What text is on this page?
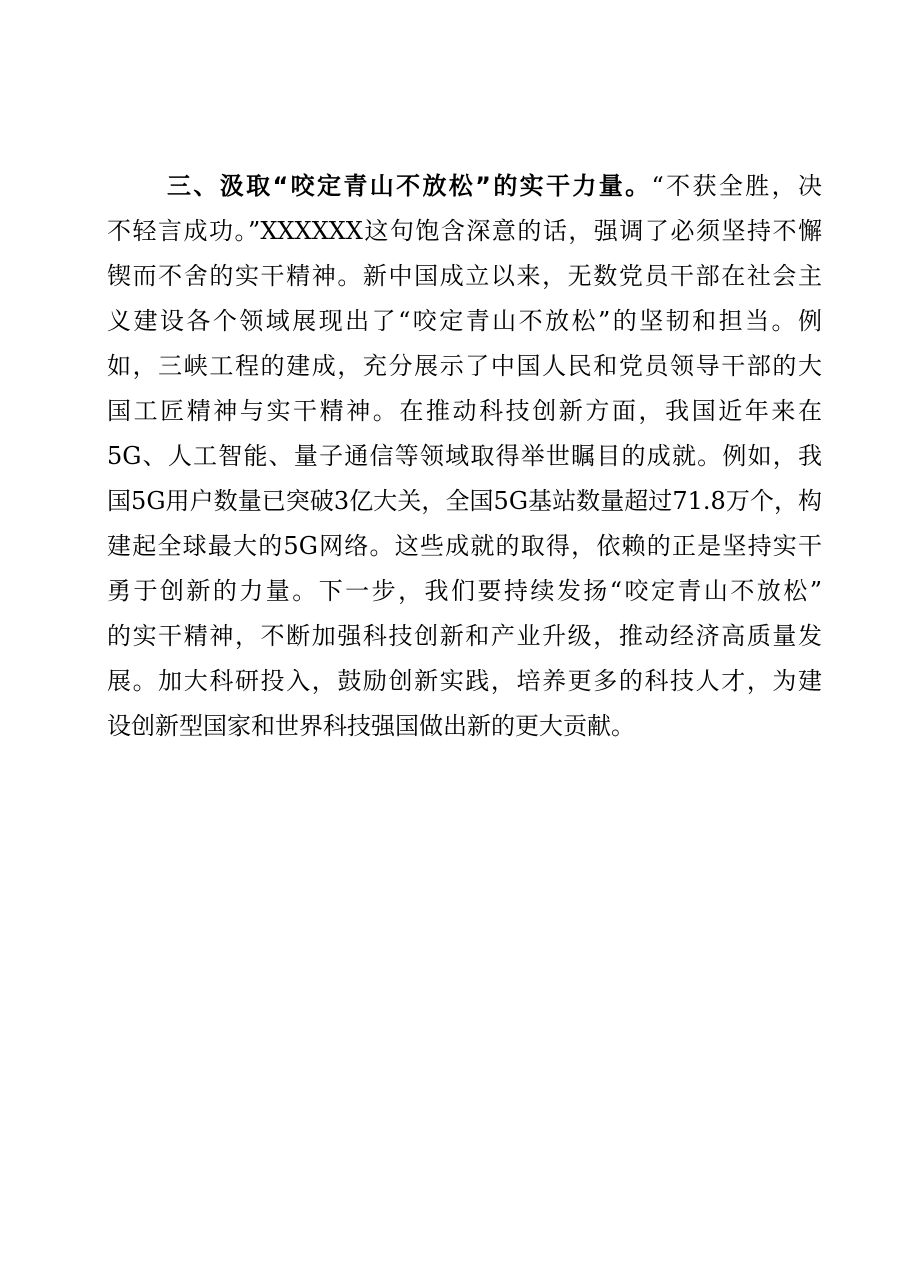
三、汲取“咬定青山不放松”的实干力量。“不获全胜，决
不轻言成功。”XXXXXX这句饱含深意的话，强调了必须坚持不懈
锲而不舍的实干精神。新中国成立以来，无数党员干部在社会主
义建设各个领域展现出了“咬定青山不放松”的坚韧和担当。例
如，三峡工程的建成，充分展示了中国人民和党员领导干部的大
国工匠精神与实干精神。在推动科技创新方面，我国近年来在
5G、人工智能、量子通信等领域取得举世瞩目的成就。例如，我
国5G用户数量已突破3亿大关，全国5G基站数量超过71.8万个，构
建起全球最大的5G网络。这些成就的取得，依赖的正是坚持实干
勇于创新的力量。下一步，我们要持续发扬“咬定青山不放松”
的实干精神，不断加强科技创新和产业升级，推动经济高质量发
展。加大科研投入，鼓励创新实践，培养更多的科技人才，为建
设创新型国家和世界科技强国做出新的更大贡献。
